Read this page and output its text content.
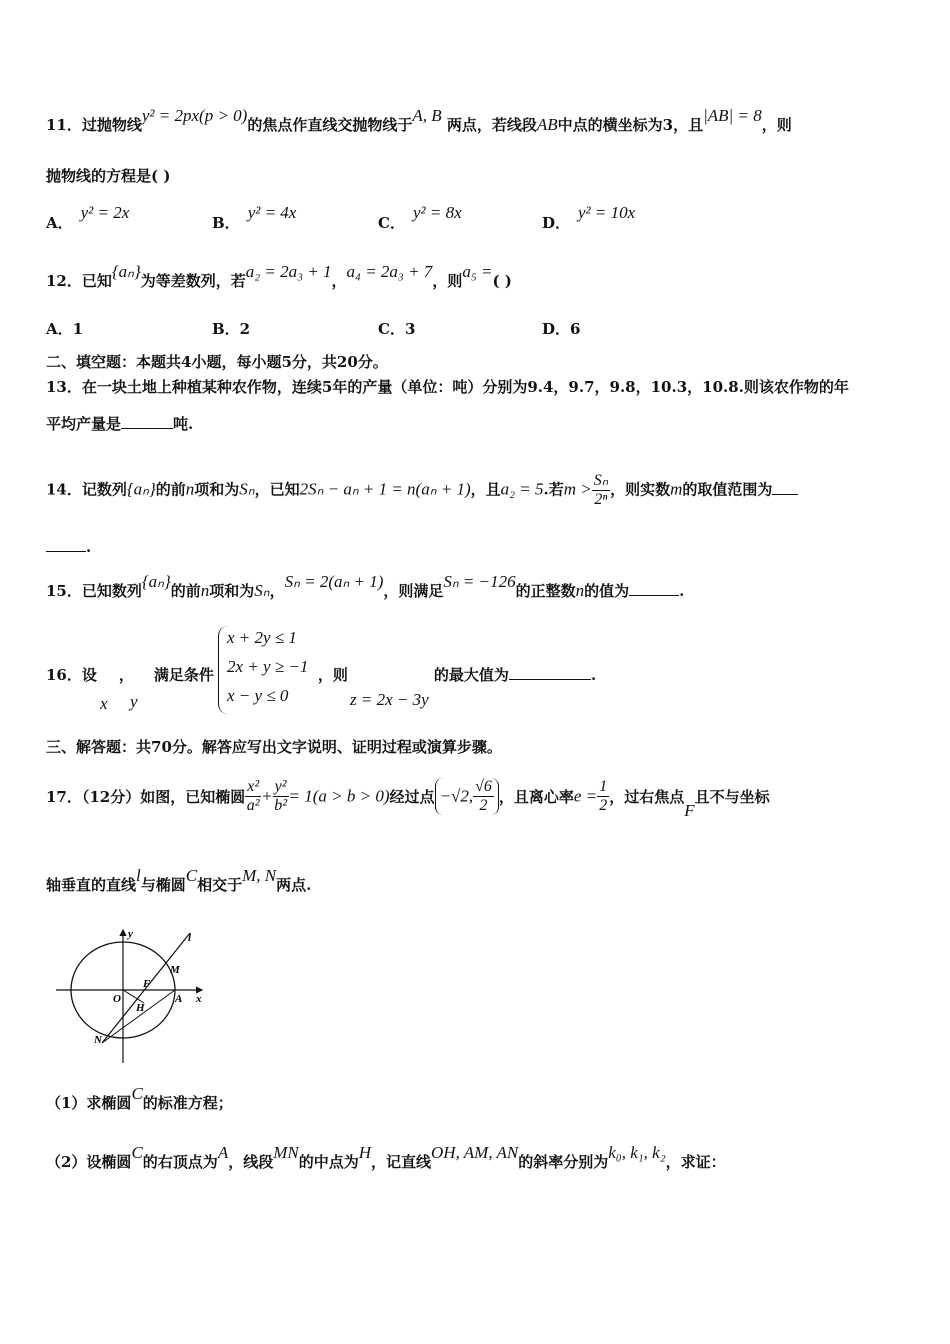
11．过抛物线y² = 2px(p > 0)的焦点作直线交抛物线于A, B 两点，若线段AB中点的横坐标为3，且|AB| = 8，则
抛物线的方程是( )
A．y² = 2x
B．y² = 4x
C．y² = 8x
D．y² = 10x
12．已知{aₙ}为等差数列，若a₂ = 2a₃ + 1，a₄ = 2a₃ + 7，则a₅ =( )
A．1	B．2	C．3	D．6
二、填空题：本题共4小题，每小题5分，共20分。
13．在一块土地上种植某种农作物，连续5年的产量（单位：吨）分别为9.4，9.7，9.8，10.3，10.8.则该农作物的年
平均产量是	吨.
14．记数列{aₙ}的前n项和为Sₙ，已知2Sₙ − aₙ + 1 = n(aₙ + 1)，且a₂ = 5.若$m > \frac{\text{Sₙ}}{\text{2ⁿ}}$ ，则实数m的取值范围为
.
15．已知数列{aₙ}的前n项和为Sₙ，Sₙ = 2(aₙ + 1)，则满足Sₙ = −126的正整数n的值为	.
16．设 ， 满足条件	，则	的最大值为	.
x y
x + 2y ≤ 1
2x + y ≥ −1
x − y ≤ 0	z = 2x − 3y
三、解答题：共70分。解答应写出文字说明、证明过程或演算步骤。
17．（12分）如图，已知椭圆 $\frac{\text{x²}}{\text{a²}} + \frac{\text{y²}}{\text{b²}} = 1(a > b > 0)$经过点 −√2, $\frac{√6}{2}$ ，且离心率$e = \frac{1}{2}$ ，过右焦点F且不与坐标
轴垂直的直线l与椭圆C相交于M, N两点.
y	l
M
F
O
H
A x
N
（1）求椭圆C的标准方程；
（2）设椭圆C的右顶点为A，线段MN的中点为H，记直线OH, AM, AN的斜率分别为k₀, k₁, k₂，求证：
